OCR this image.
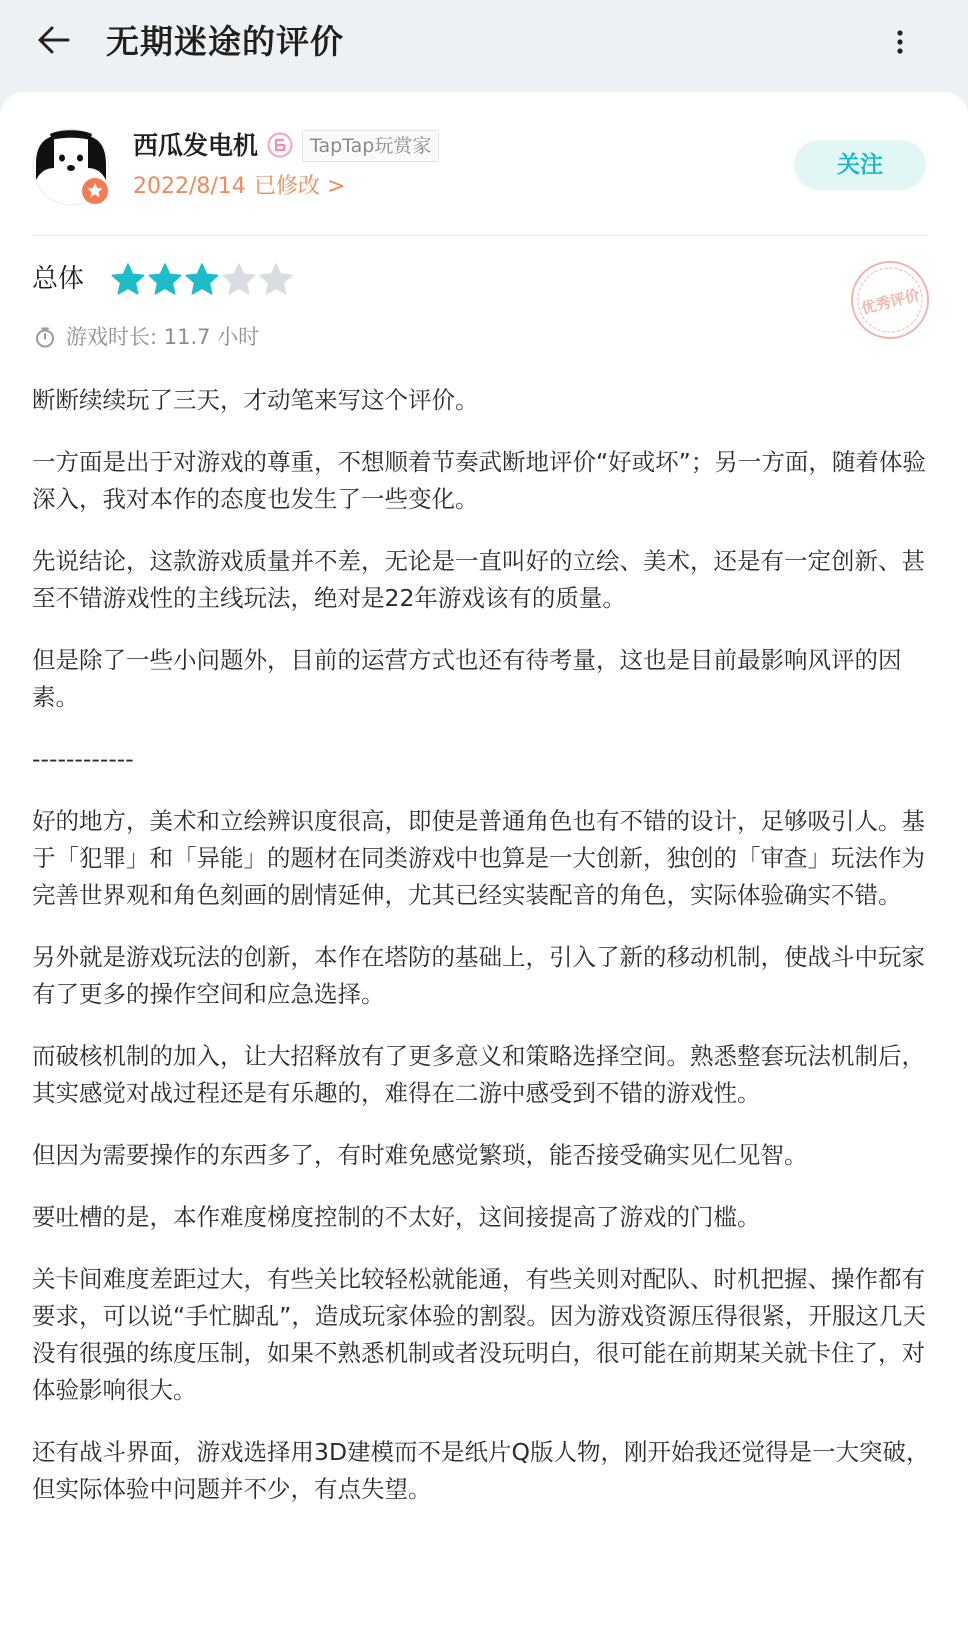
无期迷途的评价
西瓜发电机	TapTap玩赏家
2022/8/14 已修改 >
关注
总体
优秀评价
游戏时长: 11.7 小时

断断续续玩了三天，才动笔来写这个评价。

一方面是出于对游戏的尊重，不想顺着节奏武断地评价“好或坏”；另一方面，随着体验深入，我对本作的态度也发生了一些变化。

先说结论，这款游戏质量并不差，无论是一直叫好的立绘、美术，还是有一定创新、甚至不错游戏性的主线玩法，绝对是22年游戏该有的质量。

但是除了一些小问题外，目前的运营方式也还有待考量，这也是目前最影响风评的因素。

------------

好的地方，美术和立绘辨识度很高，即使是普通角色也有不错的设计，足够吸引人。基于「犯罪」和「异能」的题材在同类游戏中也算是一大创新，独创的「审查」玩法作为完善世界观和角色刻画的剧情延伸，尤其已经实装配音的角色，实际体验确实不错。

另外就是游戏玩法的创新，本作在塔防的基础上，引入了新的移动机制，使战斗中玩家有了更多的操作空间和应急选择。

而破核机制的加入，让大招释放有了更多意义和策略选择空间。熟悉整套玩法机制后，其实感觉对战过程还是有乐趣的，难得在二游中感受到不错的游戏性。

但因为需要操作的东西多了，有时难免感觉繁琐，能否接受确实见仁见智。

要吐槽的是，本作难度梯度控制的不太好，这间接提高了游戏的门槛。

关卡间难度差距过大，有些关比较轻松就能通，有些关则对配队、时机把握、操作都有要求，可以说“手忙脚乱”，造成玩家体验的割裂。因为游戏资源压得很紧，开服这几天没有很强的练度压制，如果不熟悉机制或者没玩明白，很可能在前期某关就卡住了，对体验影响很大。

还有战斗界面，游戏选择用3D建模而不是纸片Q版人物，刚开始我还觉得是一大突破，但实际体验中问题并不少，有点失望。
